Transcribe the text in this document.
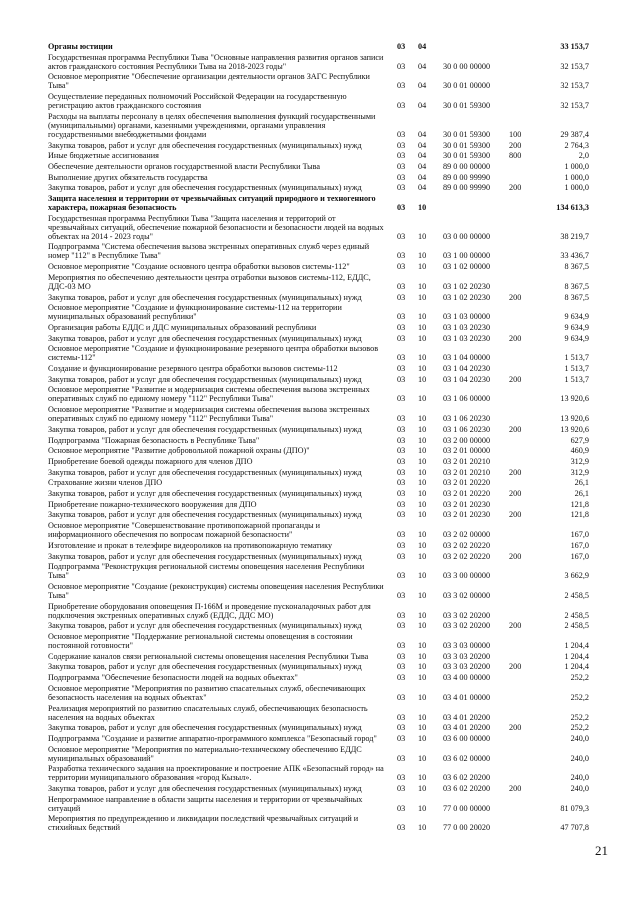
Органы юстиции	03 04	33 153,7
Государственная программа Республики Тыва "Основные направления развития органов записи актов гражданского состояния Республики Тыва на 2018-2023 годы"	03 04 30 0 00 00000	32 153,7
Основное мероприятие "Обеспечение организации деятельности органов ЗАГС Республики Тыва"	03 04 30 0 01 00000	32 153,7
Осуществление переданных полномочий Российской Федерации на государственную регистрацию актов гражданского состояния	03 04 30 0 01 59300	32 153,7
Расходы на выплаты персоналу в целях обеспечения выполнения функций государственными (муниципальными) органами, казенными учреждениями, органами управления государственными внебюджетными фондами	03 04 30 0 01 59300 100	29 387,4
Закупка товаров, работ и услуг для обеспечения государственных (муниципальных) нужд	03 04 30 0 01 59300 200	2 764,3
Иные бюджетные ассигнования	03 04 30 0 01 59300 800	2,0
Обеспечение деятельности органов государственной власти Республики Тыва	03 04 89 0 00 00000	1 000,0
Выполнение других обязательств государства	03 04 89 0 00 99990	1 000,0
Закупка товаров, работ и услуг для обеспечения государственных (муниципальных) нужд	03 04 89 0 00 99990 200	1 000,0
Защита населения и территории от чрезвычайных ситуаций природного и техногенного характера, пожарная безопасность	03 10	134 613,3
Государственная программа Республики Тыва "Защита населения и территорий от чрезвычайных ситуаций, обеспечение пожарной безопасности и безопасности людей на водных объектах на 2014 - 2023 годы"	03 10 03 0 00 00000	38 219,7
Подпрограмма "Система обеспечения вызова экстренных оперативных служб через единый номер "112" в Республике Тыва"	03 10 03 1 00 00000	33 436,7
Основное мероприятие "Создание основного центра обработки вызовов системы-112"	03 10 03 1 02 00000	8 367,5
Мероприятия по обеспечению деятельности центра отработки вызовов системы-112, ЕДДС, ДДС-03 МО	03 10 03 1 02 20230	8 367,5
Закупка товаров, работ и услуг для обеспечения государственных (муниципальных) нужд	03 10 03 1 02 20230 200	8 367,5
Основное мероприятие "Создание и функционирование системы-112 на территории муниципальных образований республики"	03 10 03 1 03 00000	9 634,9
Организация работы ЕДДС и ДДС муниципальных образований республики	03 10 03 1 03 20230	9 634,9
Закупка товаров, работ и услуг для обеспечения государственных (муниципальных) нужд	03 10 03 1 03 20230 200	9 634,9
Основное мероприятие "Создание и функционирование резервного центра обработки вызовов системы-112"	03 10 03 1 04 00000	1 513,7
Создание и функционирование резервного центра обработки вызовов системы-112	03 10 03 1 04 20230	1 513,7
Закупка товаров, работ и услуг для обеспечения государственных (муниципальных) нужд	03 10 03 1 04 20230 200	1 513,7
Основное мероприятие "Развитие и модернизация системы обеспечения вызова экстренных оперативных служб по единому номеру "112" Республики Тыва"	03 10 03 1 06 00000	13 920,6
Основное мероприятие "Развитие и модернизация системы обеспечения вызова экстренных оперативных служб по единому номеру "112" Республики Тыва"	03 10 03 1 06 20230	13 920,6
Закупка товаров, работ и услуг для обеспечения государственных (муниципальных) нужд	03 10 03 1 06 20230 200	13 920,6
Подпрограмма "Пожарная безопасность в Республике Тыва"	03 10 03 2 00 00000	627,9
Основное мероприятие "Развитие добровольной пожарной охраны (ДПО)"	03 10 03 2 01 00000	460,9
Приобретение боевой одежды пожарного для членов ДПО	03 10 03 2 01 20210	312,9
Закупка товаров, работ и услуг для обеспечения государственных (муниципальных) нужд	03 10 03 2 01 20210 200	312,9
Страхование жизни членов ДПО	03 10 03 2 01 20220	26,1
Закупка товаров, работ и услуг для обеспечения государственных (муниципальных) нужд	03 10 03 2 01 20220 200	26,1
Приобретение пожарно-технического вооружения для ДПО	03 10 03 2 01 20230	121,8
Закупка товаров, работ и услуг для обеспечения государственных (муниципальных) нужд	03 10 03 2 01 20230 200	121,8
Основное мероприятие "Совершенствование противопожарной пропаганды и информационного обеспечения по вопросам пожарной безопасности"	03 10 03 2 02 00000	167,0
Изготовление и прокат в телеэфире видеороликов на противопожарную тематику	03 10 03 2 02 20220	167,0
Закупка товаров, работ и услуг для обеспечения государственных (муниципальных) нужд	03 10 03 2 02 20220 200	167,0
Подпрограмма "Реконструкция региональной системы оповещения населения Республики Тыва"	03 10 03 3 00 00000	3 662,9
Основное мероприятие "Создание (реконструкция) системы оповещения населения Республики Тыва"	03 10 03 3 02 00000	2 458,5
Приобретение оборудования оповещения П-166М и проведение пусконаладочных работ для подключения экстренных оперативных служб (ЕДДС, ДДС МО)	03 10 03 3 02 20200	2 458,5
Закупка товаров, работ и услуг для обеспечения государственных (муниципальных) нужд	03 10 03 3 02 20200 200	2 458,5
Основное мероприятие "Поддержание региональной системы оповещения в состоянии постоянной готовности"	03 10 03 3 03 00000	1 204,4
Содержание каналов связи региональной системы оповещения населения Республики Тыва	03 10 03 3 03 20200	1 204,4
Закупка товаров, работ и услуг для обеспечения государственных (муниципальных) нужд	03 10 03 3 03 20200 200	1 204,4
Подпрограмма "Обеспечение безопасности людей на водных объектах"	03 10 03 4 00 00000	252,2
Основное мероприятие "Мероприятия по развитию спасательных служб, обеспечивающих безопасность населения на водных объектах"	03 10 03 4 01 00000	252,2
Реализация мероприятий по развитию спасательных служб, обеспечивающих безопасность населения на водных объектах	03 10 03 4 01 20200	252,2
Закупка товаров, работ и услуг для обеспечения государственных (муниципальных) нужд	03 10 03 4 01 20200 200	252,2
Подпрограмма "Создание и развитие аппаратно-программного комплекса "Безопасный город"	03 10 03 6 00 00000	240,0
Основное мероприятие "Мероприятия по материально-техническому обеспечению ЕДДС муниципальных образований"	03 10 03 6 02 00000	240,0
Разработка технического задания на проектирование и построение АПК «Безопасный город» на территории муниципального образования «город Кызыл».	03 10 03 6 02 20200	240,0
Закупка товаров, работ и услуг для обеспечения государственных (муниципальных) нужд	03 10 03 6 02 20200 200	240,0
Непрограммное направление в области защиты населения и территории от чрезвычайных ситуаций	03 10 77 0 00 00000	81 079,3
Мероприятия по предупреждению и ликвидации последствий чрезвычайных ситуаций и стихийных бедствий	03 10 77 0 00 20020	47 707,8
21
